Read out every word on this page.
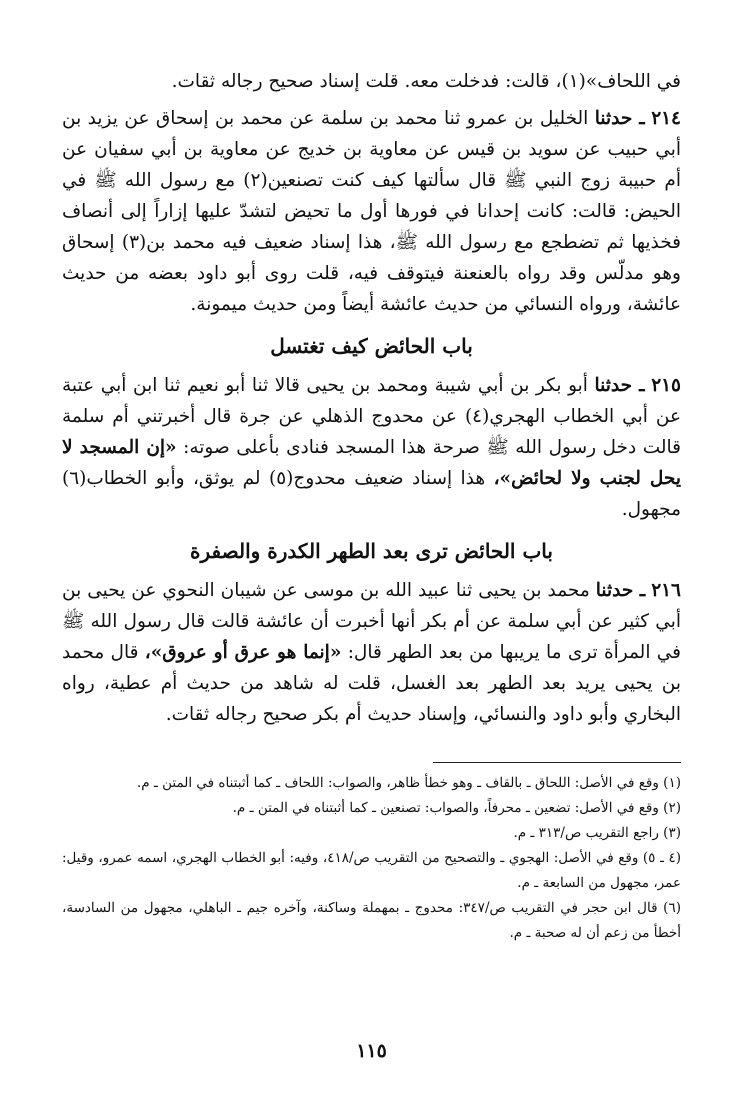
في اللحاف»(١)، قالت: فدخلت معه. قلت إسناد صحيح رجاله ثقات.

٢١٤ ـ حدثنا الخليل بن عمرو ثنا محمد بن سلمة عن محمد بن إسحاق عن يزيد بن أبي حبيب عن سويد بن قيس عن معاوية بن خديج عن معاوية بن أبي سفيان عن أم حبيبة زوج النبي ﷺ قال سألتها كيف كنت تصنعين(٢) مع رسول الله ﷺ في الحيض: قالت: كانت إحدانا في فورها أول ما تحيض لتشدّ عليها إزاراً إلى أنصاف فخذيها ثم تضطجع مع رسول الله ﷺ، هذا إسناد ضعيف فيه محمد بن(٣) إسحاق وهو مدلّس وقد رواه بالعنعنة فيتوقف فيه، قلت روى أبو داود بعضه من حديث عائشة، ورواه النسائي من حديث عائشة أيضاً ومن حديث ميمونة.

باب الحائض كيف تغتسل

٢١٥ ـ حدثنا أبو بكر بن أبي شيبة ومحمد بن يحيى قالا ثنا أبو نعيم ثنا ابن أبي عتبة عن أبي الخطاب الهجري(٤) عن محدوج الذهلي عن جرة قال أخبرتني أم سلمة قالت دخل رسول الله ﷺ صرحة هذا المسجد فنادى بأعلى صوته: «إن المسجد لا يحل لجنب ولا لحائض»، هذا إسناد ضعيف محدوج(٥) لم يوثق، وأبو الخطاب(٦) مجهول.

باب الحائض ترى بعد الطهر الكدرة والصفرة

٢١٦ ـ حدثنا محمد بن يحيى ثنا عبيد الله بن موسى عن شيبان النحوي عن يحيى بن أبي كثير عن أبي سلمة عن أم بكر أنها أخبرت أن عائشة قالت قال رسول الله ﷺ في المرأة ترى ما يريبها من بعد الطهر قال: «إنما هو عرق أو عروق»، قال محمد بن يحيى يريد بعد الطهر بعد الغسل، قلت له شاهد من حديث أم عطية، رواه البخاري وأبو داود والنسائي، وإسناد حديث أم بكر صحيح رجاله ثقات.

(١) وقع في الأصل: اللحاق ـ بالقاف ـ وهو خطأ ظاهر، والصواب: اللحاف ـ كما أثبتناه في المتن ـ م.

(٢) وقع في الأصل: تضعين ـ محرفاً، والصواب: تصنعين ـ كما أثبتناه في المتن ـ م.

(٣) راجع التقريب ص/٣١٣ ـ م.

(٤ ـ ٥) وقع في الأصل: الهجوي ـ والتصحيح من التقريب ص/٤١٨، وفيه: أبو الخطاب الهجري، اسمه عمرو، وقيل: عمر، مجهول من السابعة ـ م.

(٦) قال ابن حجر في التقريب ص/٣٤٧: محدوج ـ بمهملة وساكنة، وآخره جيم ـ الباهلي، مجهول من السادسة، أخطأ من زعم أن له صحبة ـ م.

١١٥
